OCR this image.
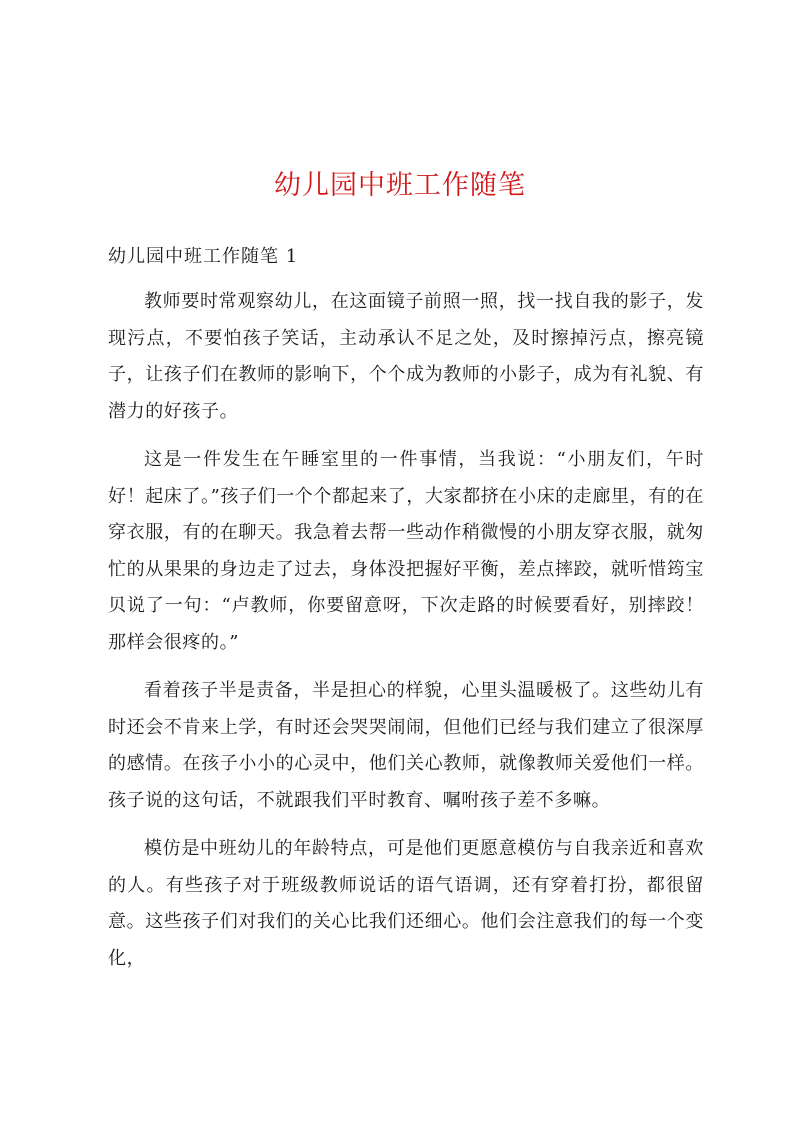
幼儿园中班工作随笔
幼儿园中班工作随笔 1

教师要时常观察幼儿，在这面镜子前照一照，找一找自我的影子，发现污点，不要怕孩子笑话，主动承认不足之处，及时擦掉污点，擦亮镜子，让孩子们在教师的影响下，个个成为教师的小影子，成为有礼貌、有潜力的好孩子。

这是一件发生在午睡室里的一件事情，当我说：“小朋友们，午时好！起床了。”孩子们一个个都起来了，大家都挤在小床的走廊里，有的在穿衣服，有的在聊天。我急着去帮一些动作稍微慢的小朋友穿衣服，就匆忙的从果果的身边走了过去，身体没把握好平衡，差点摔跤，就听惜筠宝贝说了一句：“卢教师，你要留意呀，下次走路的时候要看好，别摔跤！那样会很疼的。”

看着孩子半是责备，半是担心的样貌，心里头温暖极了。这些幼儿有时还会不肯来上学，有时还会哭哭闹闹，但他们已经与我们建立了很深厚的感情。在孩子小小的心灵中，他们关心教师，就像教师关爱他们一样。孩子说的这句话，不就跟我们平时教育、嘱咐孩子差不多嘛。

模仿是中班幼儿的年龄特点，可是他们更愿意模仿与自我亲近和喜欢的人。有些孩子对于班级教师说话的语气语调，还有穿着打扮，都很留意。这些孩子们对我们的关心比我们还细心。他们会注意我们的每一个变化，
